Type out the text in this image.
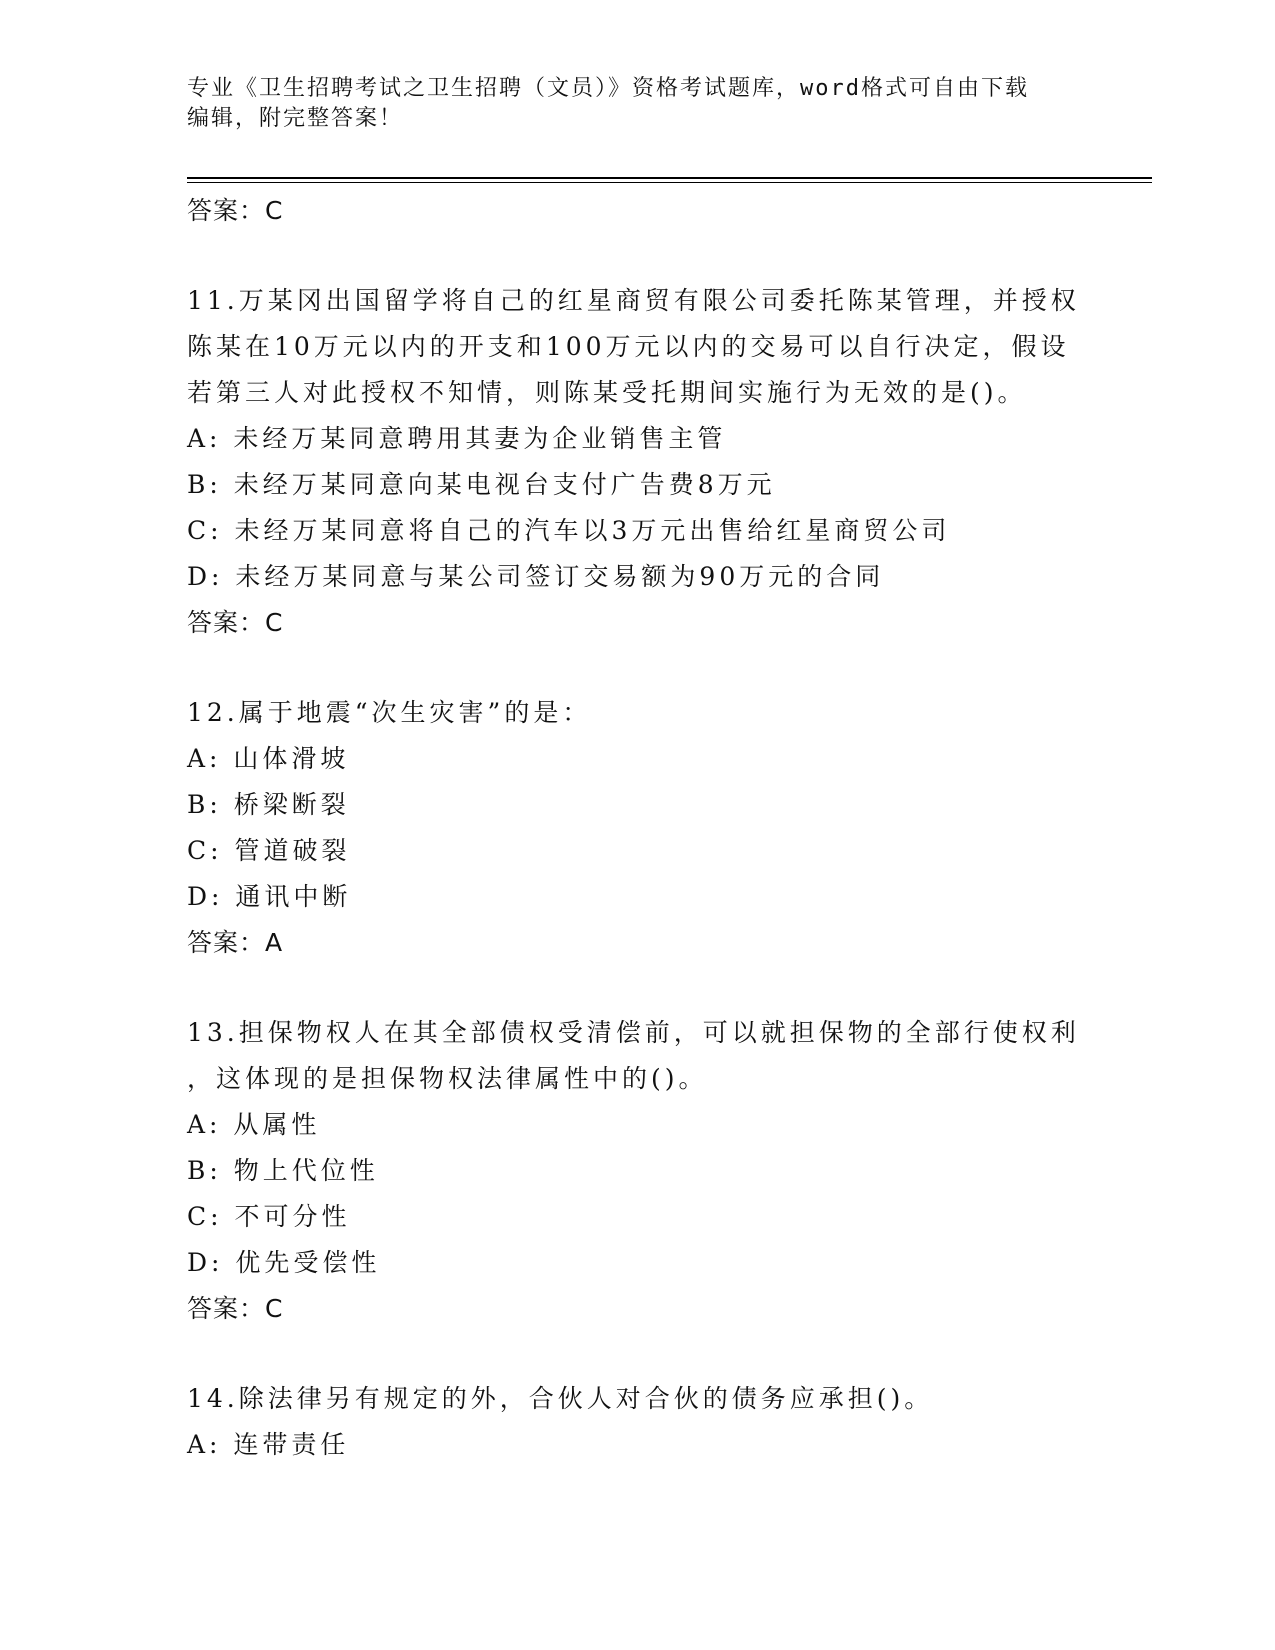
专业《卫生招聘考试之卫生招聘（文员）》资格考试题库，word格式可自由下载
编辑，附完整答案！
答案：C
11.万某冈出国留学将自己的红星商贸有限公司委托陈某管理，并授权
陈某在10万元以内的开支和100万元以内的交易可以自行决定，假设
若第三人对此授权不知情，则陈某受托期间实施行为无效的是()。
A: 未经万某同意聘用其妻为企业销售主管
B: 未经万某同意向某电视台支付广告费8万元
C: 未经万某同意将自己的汽车以3万元出售给红星商贸公司
D: 未经万某同意与某公司签订交易额为90万元的合同
答案：C
12.属于地震“次生灾害”的是：
A: 山体滑坡
B: 桥梁断裂
C: 管道破裂
D: 通讯中断
答案：A
13.担保物权人在其全部债权受清偿前，可以就担保物的全部行使权利
，这体现的是担保物权法律属性中的()。
A: 从属性
B: 物上代位性
C: 不可分性
D: 优先受偿性
答案：C
14.除法律另有规定的外，合伙人对合伙的债务应承担()。
A: 连带责任
